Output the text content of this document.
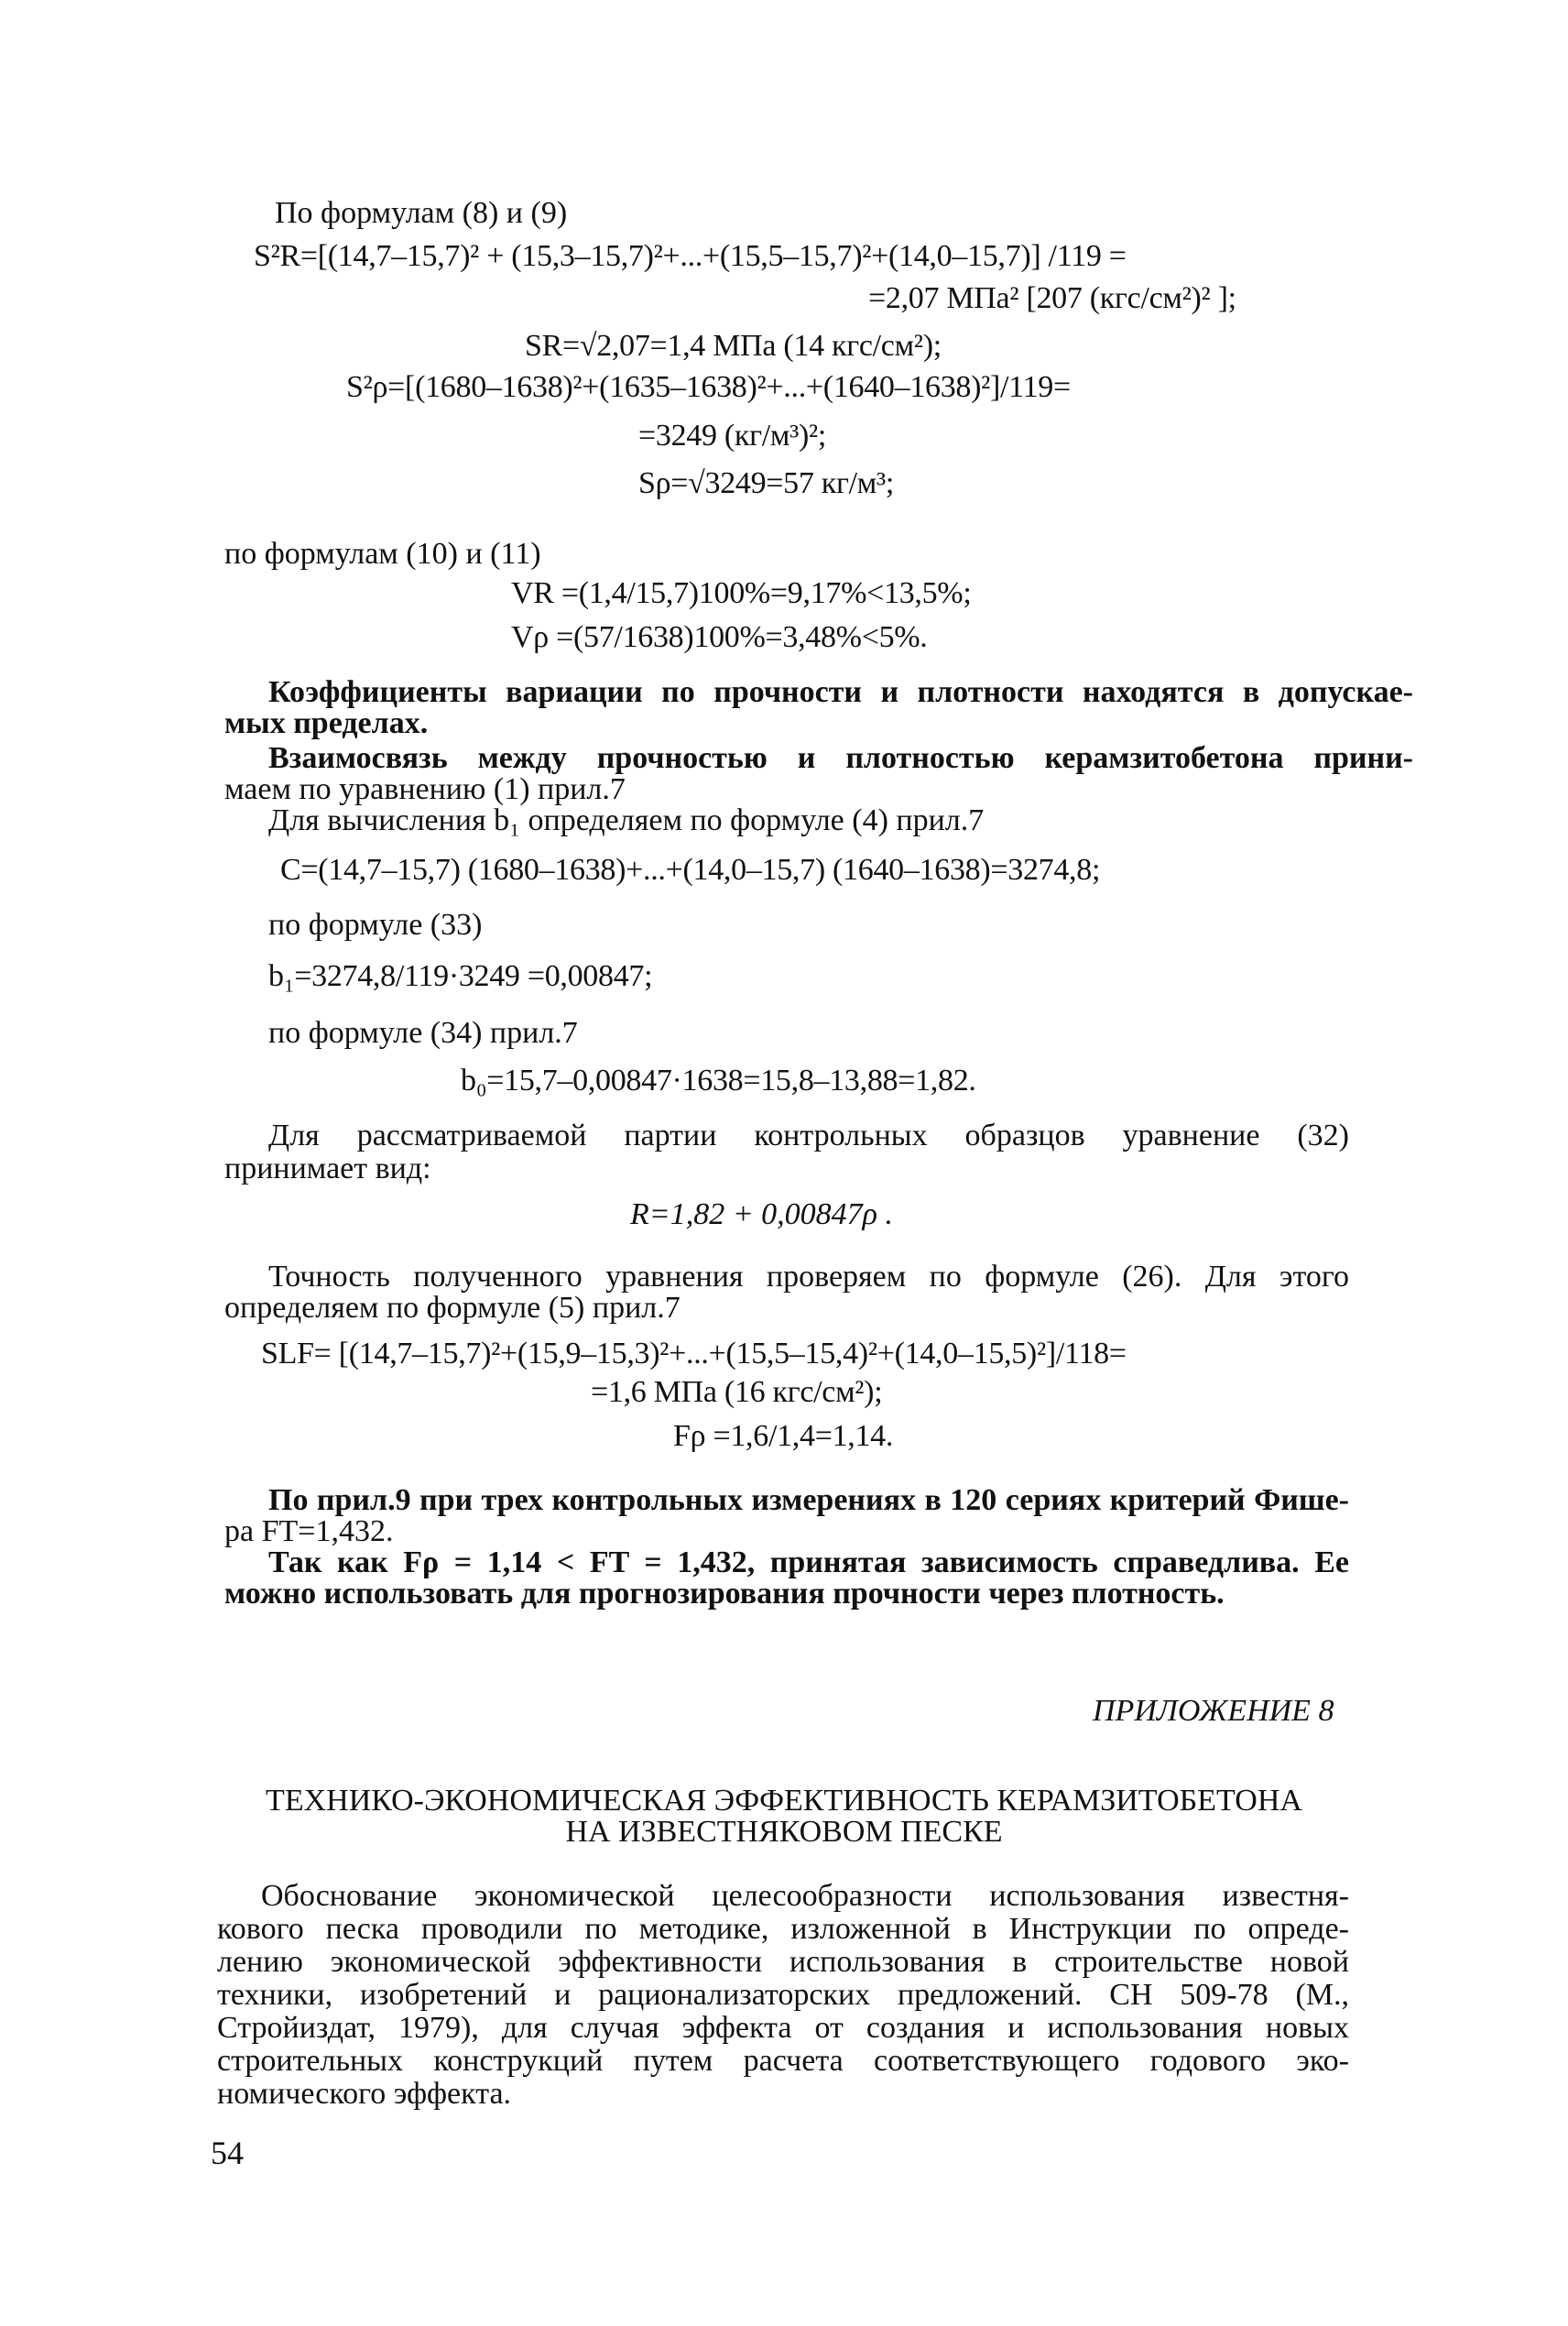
По формулам (8) и (9)
S²R=[(14,7–15,7)² + (15,3–15,7)²+...+(15,5–15,7)²+(14,0–15,7)] /119 =
=2,07 МПа² [207 (кгс/см²)² ];
SR=√2,07=1,4 МПа (14 кгс/см²);
S²ρ=[(1680–1638)²+(1635–1638)²+...+(1640–1638)²]/119=
=3249 (кг/м³)²;
Sρ=√3249=57 кг/м³;
по формулам (10) и (11)
VR =(1,4/15,7)100%=9,17%<13,5%;
Vρ =(57/1638)100%=3,48%<5%.
Коэффициенты вариации по прочности и плотности находятся в допускае-
мых пределах.
Взаимосвязь между прочностью и плотностью керамзитобетона прини-
маем по уравнению (1) прил.7
Для вычисления b₁ определяем по формуле (4) прил.7
C=(14,7–15,7) (1680–1638)+...+(14,0–15,7) (1640–1638)=3274,8;
по формуле (33)
b₁=3274,8/119·3249 =0,00847;
по формуле (34) прил.7
b₀=15,7–0,00847·1638=15,8–13,88=1,82.
Для рассматриваемой партии контрольных образцов уравнение (32)
принимает вид:
R=1,82 + 0,00847ρ .
Точность полученного уравнения проверяем по формуле (26). Для этого
определяем по формуле (5) прил.7
SLF= [(14,7–15,7)²+(15,9–15,3)²+...+(15,5–15,4)²+(14,0–15,5)²]/118=
=1,6 МПа (16 кгс/см²);
Fρ =1,6/1,4=1,14.
По прил.9 при трех контрольных измерениях в 120 сериях критерий Фише-
ра FT=1,432.
Так как Fρ = 1,14 < FT = 1,432, принятая зависимость справедлива. Ее
можно использовать для прогнозирования прочности через плотность.
ПРИЛОЖЕНИЕ 8
ТЕХНИКО-ЭКОНОМИЧЕСКАЯ ЭФФЕКТИВНОСТЬ КЕРАМЗИТОБЕТОНА
НА ИЗВЕСТНЯКОВОМ ПЕСКЕ
Обоснование экономической целесообразности использования известня-
кового песка проводили по методике, изложенной в Инструкции по опреде-
лению экономической эффективности использования в строительстве новой
техники, изобретений и рационализаторских предложений. СН 509-78 (М.,
Стройиздат, 1979), для случая эффекта от создания и использования новых
строительных конструкций путем расчета соответствующего годового эко-
номического эффекта.
54
